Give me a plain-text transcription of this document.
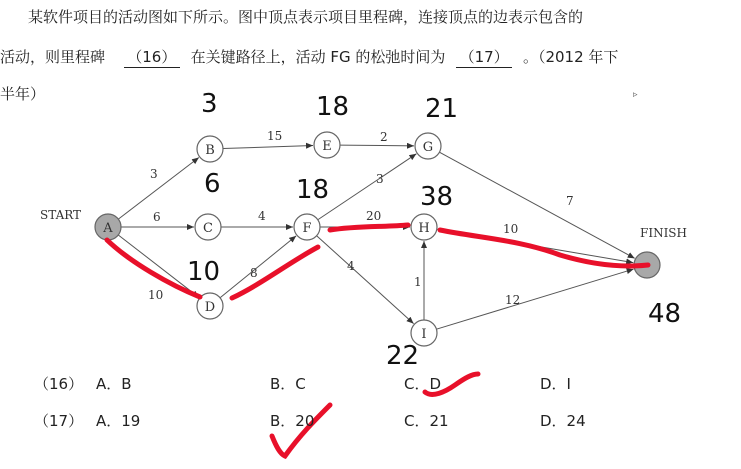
某软件项目的活动图如下所示。图中顶点表示项目里程碑，连接顶点的边表示包含的
活动，则里程碑 （16） 在关键路径上，活动 FG 的松弛时间为 （17） 。（2012 年下
半年）	▹
3
6
10
15
4
8
2
3
20
4
7
10
1
12
A
B
C
D
E
F
G
H
I
START
FINISH
3
6
10
18
18
21
38
22
48
（16） A．B	B．C	C．D	D．I
（17） A．19	B．20	C．21	D．24
